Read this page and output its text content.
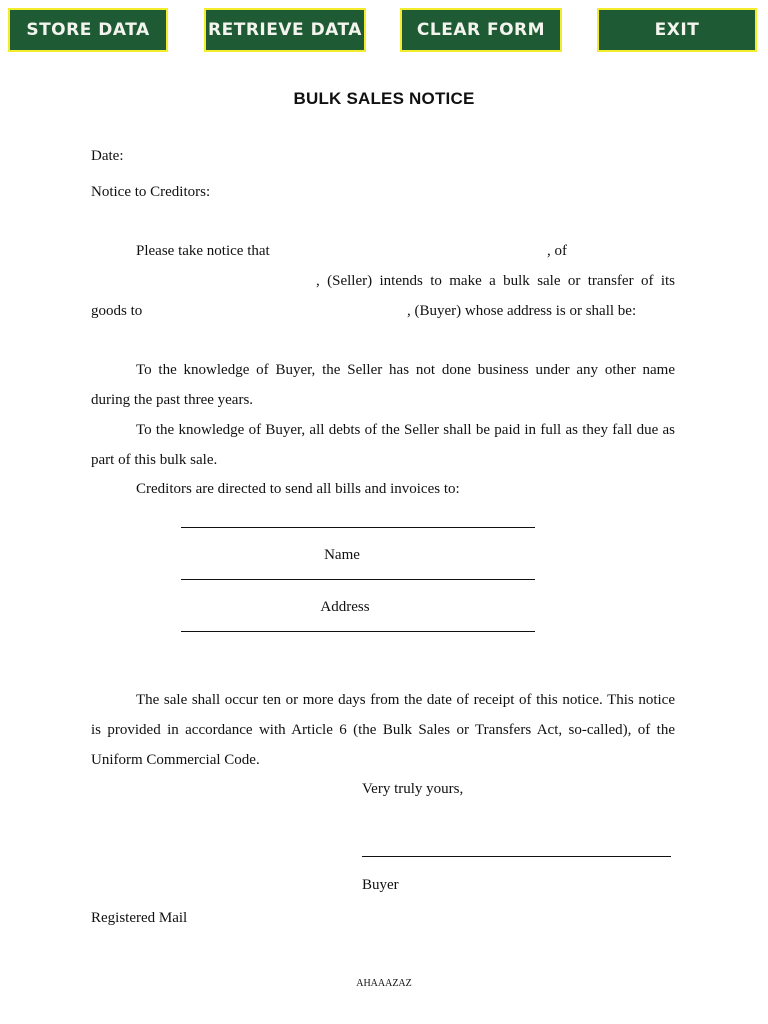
STORE DATA	RETRIEVE DATA	CLEAR FORM	EXIT
BULK SALES NOTICE
Date:
Notice to Creditors:
Please take notice that	, of
, (Seller) intends to make a bulk sale or transfer of its
goods to	, (Buyer) whose address is or shall be:
To the knowledge of Buyer, the Seller has not done business under any other name
during the past three years.
To the knowledge of Buyer, all debts of the Seller shall be paid in full as they fall due as
part of this bulk sale.
Creditors are directed to send all bills and invoices to:
Name
Address
The sale shall occur ten or more days from the date of receipt of this notice. This notice
is provided in accordance with Article 6 (the Bulk Sales or Transfers Act, so-called), of the
Uniform Commercial Code.
Very truly yours,
Buyer
Registered Mail
AHAAAZAZ
